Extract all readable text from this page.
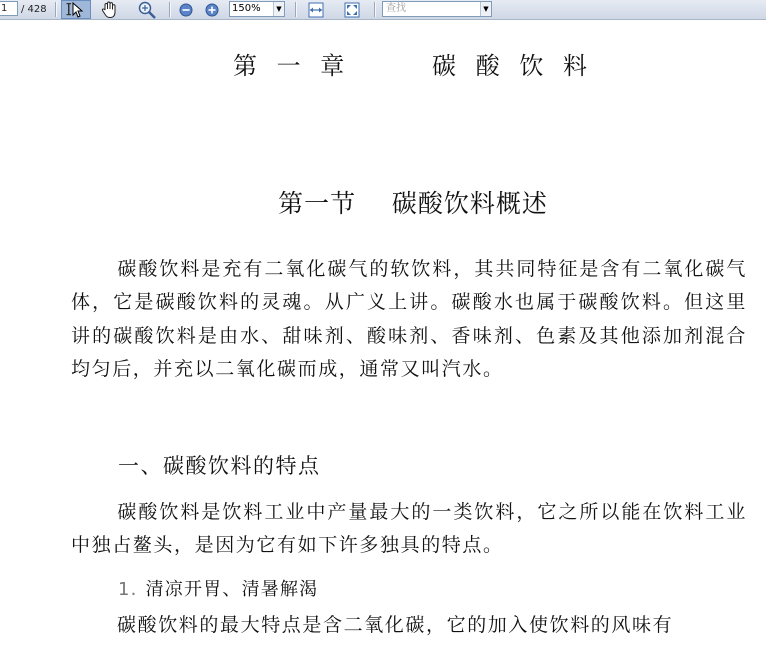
1	/ 428	150%	▼	查找	▼
第 一 章      碳 酸 饮 料
第一节    碳酸饮料概述
碳酸饮料是充有二氧化碳气的软饮料，其共同特征是含有二氧化碳气体，它是碳酸饮料的灵魂。从广义上讲。碳酸水也属于碳酸饮料。但这里讲的碳酸饮料是由水、甜味剂、酸味剂、香味剂、色素及其他添加剂混合均匀后，并充以二氧化碳而成，通常又叫汽水。
一、碳酸饮料的特点
碳酸饮料是饮料工业中产量最大的一类饮料，它之所以能在饮料工业中独占鳌头，是因为它有如下许多独具的特点。
1. 清凉开胃、清暑解渴
碳酸饮料的最大特点是含二氧化碳，它的加入使饮料的风味有
